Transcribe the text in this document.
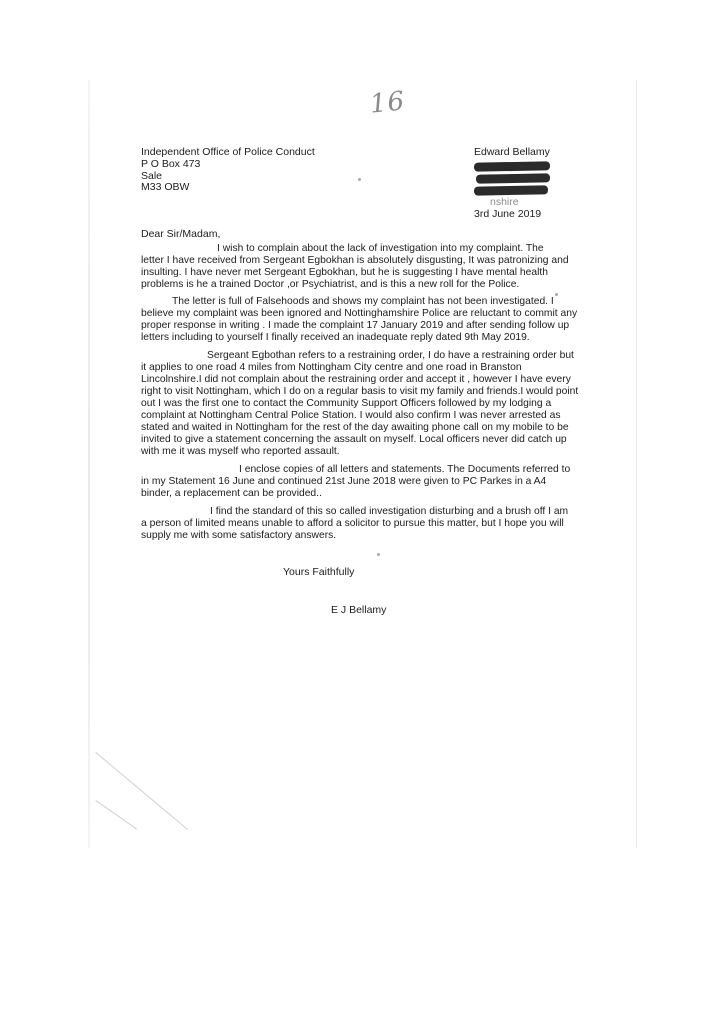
16
Independent Office of Police Conduct
P O Box 473
Sale
M33 OBW
Edward Bellamy
nshire
3rd June 2019
Dear Sir/Madam,
I wish to complain about the lack of investigation into my complaint. The
letter I have received from Sergeant Egbokhan is absolutely disgusting, It was patronizing and
insulting. I have never met Sergeant Egbokhan, but he is suggesting I have mental health
problems is he a trained Doctor ,or Psychiatrist, and is this a new roll for the Police.
The letter is full of Falsehoods and shows my complaint has not been investigated. I
believe my complaint was been ignored and Nottinghamshire Police are reluctant to commit any
proper response in writing . I made the complaint 17 January 2019 and after sending follow up
letters including to yourself I finally received an inadequate reply dated 9th May 2019.
Sergeant Egbothan refers to a restraining order, I do have a restraining order but
it applies to one road 4 miles from Nottingham City centre and one road in Branston
Lincolnshire.I did not complain about the restraining order and accept it , however I have every
right to visit Nottingham, which I do on a regular basis to visit my family and friends.I would point
out I was the first one to contact the Community Support Officers followed by my lodging a
complaint at Nottingham Central Police Station. I would also confirm I was never arrested as
stated and waited in Nottingham for the rest of the day awaiting phone call on my mobile to be
invited to give a statement concerning the assault on myself. Local officers never did catch up
with me it was myself who reported assault.
I enclose copies of all letters and statements. The Documents referred to
in my Statement 16 June and continued 21st June 2018 were given to PC Parkes in a A4
binder, a replacement can be provided..
I find the standard of this so called investigation disturbing and a brush off I am
a person of limited means unable to afford a solicitor to pursue this matter, but I hope you will
supply me with some satisfactory answers.
Yours Faithfully
E J Bellamy
